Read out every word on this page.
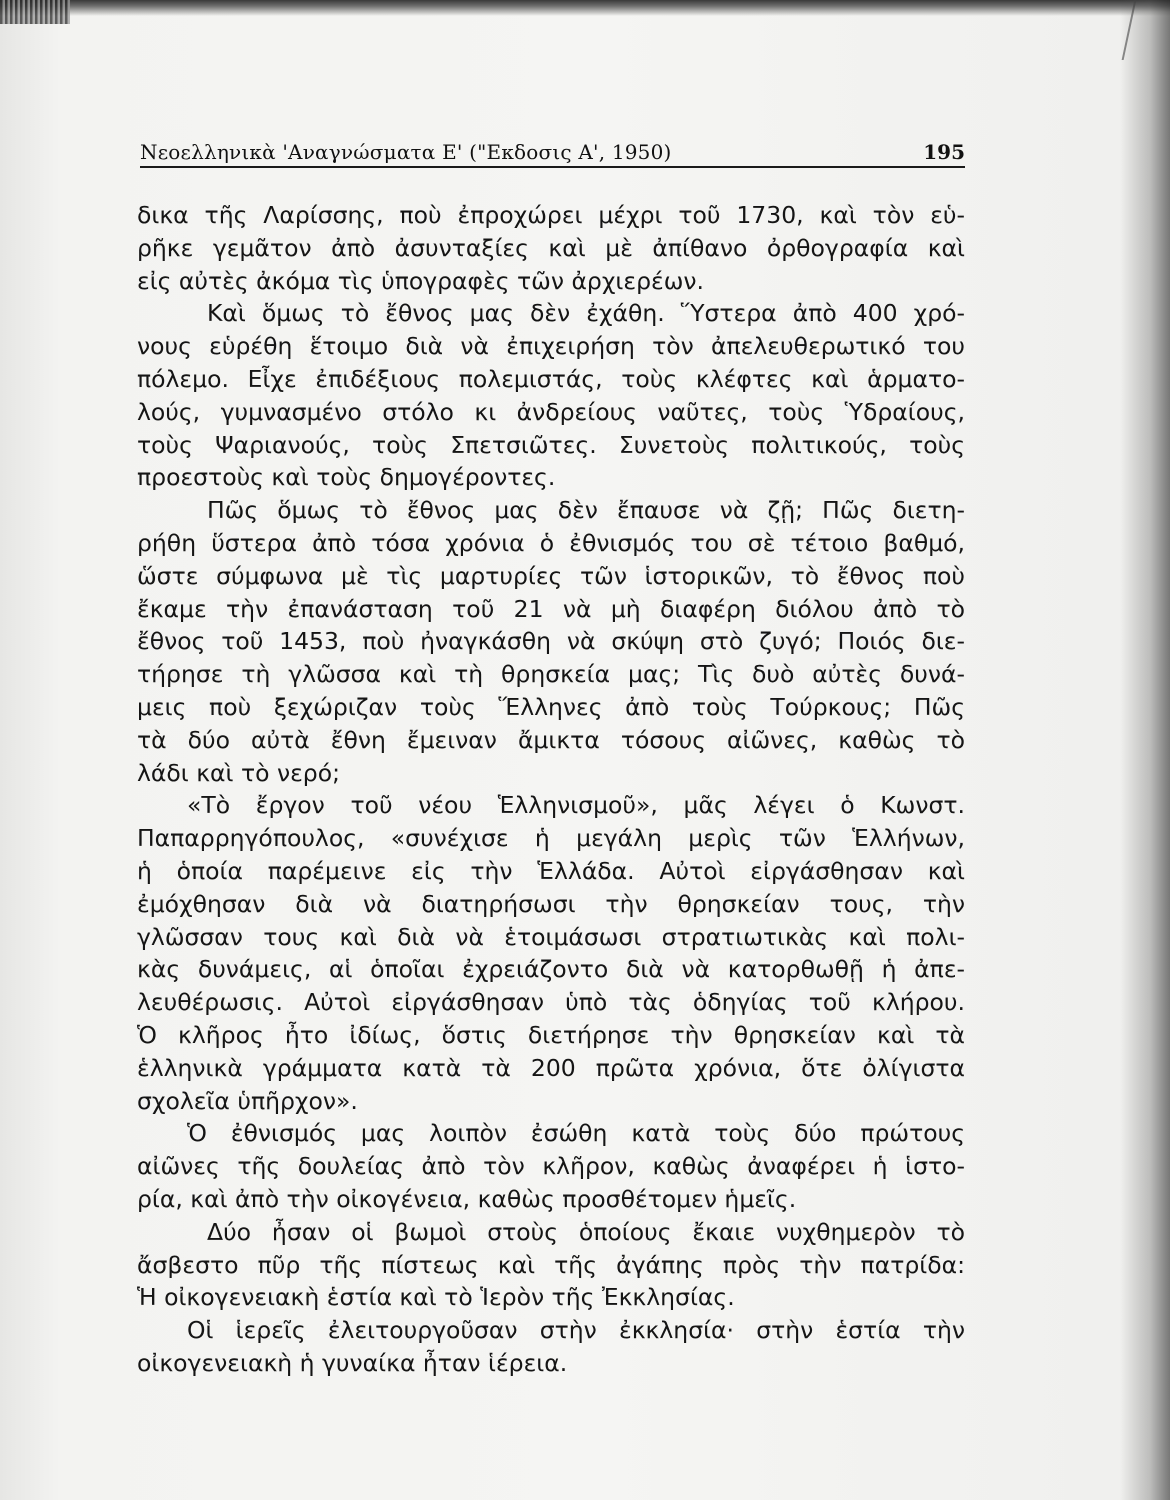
Νεοελληνικὰ 'Αναγνώσματα Ε' ("Εκδοσις Α', 1950)	195
δικα τῆς Λαρίσσης, ποὺ ἐπροχώρει μέχρι τοῦ 1730, καὶ τὸν εὑ-
ρῆκε γεμᾶτον ἀπὸ ἀσυνταξίες καὶ μὲ ἀπίθανο ὀρθογραφία καὶ
εἰς αὐτὲς ἀκόμα τὶς ὑπογραφὲς τῶν ἀρχιερέων.
Καὶ ὅμως τὸ ἔθνος μας δὲν ἐχάθη. Ὕστερα ἀπὸ 400 χρό-
νους εὑρέθη ἕτοιμο διὰ νὰ ἐπιχειρήση τὸν ἀπελευθερωτικό του
πόλεμο. Εἶχε ἐπιδέξιους πολεμιστάς, τοὺς κλέφτες καὶ ἁρματο-
λούς, γυμνασμένο στόλο κι ἀνδρείους ναῦτες, τοὺς Ὑδραίους,
τοὺς Ψαριανούς, τοὺς Σπετσιῶτες. Συνετοὺς πολιτικούς, τοὺς
προεστοὺς καὶ τοὺς δημογέροντες.
Πῶς ὅμως τὸ ἔθνος μας δὲν ἔπαυσε νὰ ζῇ; Πῶς διετη-
ρήθη ὕστερα ἀπὸ τόσα χρόνια ὁ ἐθνισμός του σὲ τέτοιο βαθμό,
ὥστε σύμφωνα μὲ τὶς μαρτυρίες τῶν ἱστορικῶν, τὸ ἔθνος ποὺ
ἔκαμε τὴν ἐπανάσταση τοῦ 21 νὰ μὴ διαφέρη διόλου ἀπὸ τὸ
ἔθνος τοῦ 1453, ποὺ ἠναγκάσθη νὰ σκύψη στὸ ζυγό; Ποιός διε-
τήρησε τὴ γλῶσσα καὶ τὴ θρησκεία μας; Τὶς δυὸ αὐτὲς δυνά-
μεις ποὺ ξεχώριζαν τοὺς Ἕλληνες ἀπὸ τοὺς Τούρκους; Πῶς
τὰ δύο αὐτὰ ἔθνη ἔμειναν ἄμικτα τόσους αἰῶνες, καθὼς τὸ
λάδι καὶ τὸ νερό;
«Τὸ ἔργον τοῦ νέου Ἑλληνισμοῦ», μᾶς λέγει ὁ Κωνστ.
Παπαρρηγόπουλος, «συνέχισε ἡ μεγάλη μερὶς τῶν Ἑλλήνων,
ἡ ὁποία παρέμεινε εἰς τὴν Ἑλλάδα. Αὐτοὶ εἰργάσθησαν καὶ
ἐμόχθησαν διὰ νὰ διατηρήσωσι τὴν θρησκείαν τους, τὴν
γλῶσσαν τους καὶ διὰ νὰ ἑτοιμάσωσι στρατιωτικὰς καὶ πολι-
κὰς δυνάμεις, αἱ ὁποῖαι ἐχρειάζοντο διὰ νὰ κατορθωθῇ ἡ ἀπε-
λευθέρωσις. Αὐτοὶ εἰργάσθησαν ὑπὸ τὰς ὁδηγίας τοῦ κλήρου.
Ὁ κλῆρος ἦτο ἰδίως, ὅστις διετήρησε τὴν θρησκείαν καὶ τὰ
ἑλληνικὰ γράμματα κατὰ τὰ 200 πρῶτα χρόνια, ὅτε ὀλίγιστα
σχολεῖα ὑπῆρχον».
Ὁ ἐθνισμός μας λοιπὸν ἐσώθη κατὰ τοὺς δύο πρώτους
αἰῶνες τῆς δουλείας ἀπὸ τὸν κλῆρον, καθὼς ἀναφέρει ἡ ἱστο-
ρία, καὶ ἀπὸ τὴν οἰκογένεια, καθὼς προσθέτομεν ἡμεῖς.
Δύο ἦσαν οἱ βωμοὶ στοὺς ὁποίους ἔκαιε νυχθημερὸν τὸ
ἄσβεστο πῦρ τῆς πίστεως καὶ τῆς ἀγάπης πρὸς τὴν πατρίδα:
Ἡ οἰκογενειακὴ ἑστία καὶ τὸ Ἱερὸν τῆς Ἐκκλησίας.
Οἱ ἱερεῖς ἐλειτουργοῦσαν στὴν ἐκκλησία· στὴν ἑστία τὴν
οἰκογενειακὴ ἡ γυναίκα ἦταν ἱέρεια.
